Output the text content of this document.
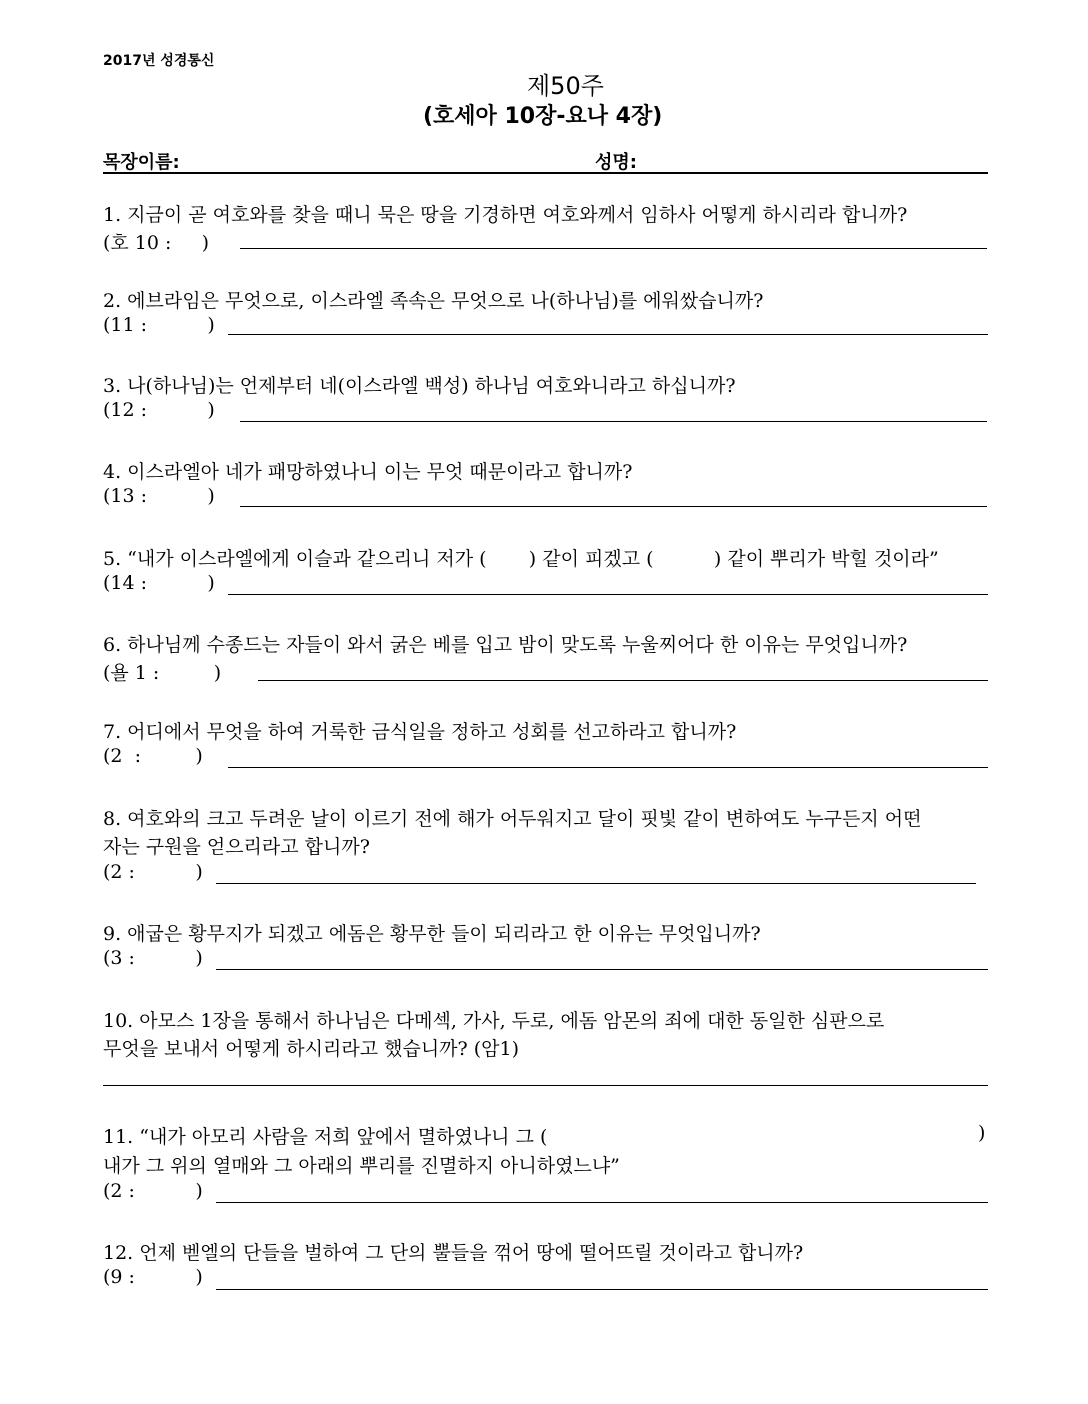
2017년 성경통신
제50주
(호세아 10장-요나 4장)
목장이름:	성명:
1. 지금이 곧 여호와를 찾을 때니 묵은 땅을 기경하면 여호와께서 임하사 어떻게 하시리라 합니까?
(호 10 :     )
2. 에브라임은 무엇으로, 이스라엘 족속은 무엇으로 나(하나님)를 에워쌌습니까?
(11 :          )
3. 나(하나님)는 언제부터 네(이스라엘 백성) 하나님 여호와니라고 하십니까?
(12 :          )
4. 이스라엘아 네가 패망하였나니 이는 무엇 때문이라고 합니까?
(13 :          )
5. “내가 이스라엘에게 이슬과 같으리니 저가 (       ) 같이 피겠고 (          ) 같이 뿌리가 박힐 것이라”
(14 :          )
6. 하나님께 수종드는 자들이 와서 굵은 베를 입고 밤이 맞도록 누울찌어다 한 이유는 무엇입니까?
(욜 1 :         )
7. 어디에서 무엇을 하여 거룩한 금식일을 정하고 성회를 선고하라고 합니까?
(2  :         )
8. 여호와의 크고 두려운 날이 이르기 전에 해가 어두워지고 달이 핏빛 같이 변하여도 누구든지 어떤
자는 구원을 얻으리라고 합니까?
(2 :          )
9. 애굽은 황무지가 되겠고 에돔은 황무한 들이 되리라고 한 이유는 무엇입니까?
(3 :          )
10. 아모스 1장을 통해서 하나님은 다메섹, 가사, 두로, 에돔 암몬의 죄에 대한 동일한 심판으로
무엇을 보내서 어떻게 하시리라고 했습니까? (암1)
11. “내가 아모리 사람을 저희 앞에서 멸하였나니 그 (	)
내가 그 위의 열매와 그 아래의 뿌리를 진멸하지 아니하였느냐”
(2 :          )
12. 언제 벧엘의 단들을 벌하여 그 단의 뿔들을 꺾어 땅에 떨어뜨릴 것이라고 합니까?
(9 :          )
